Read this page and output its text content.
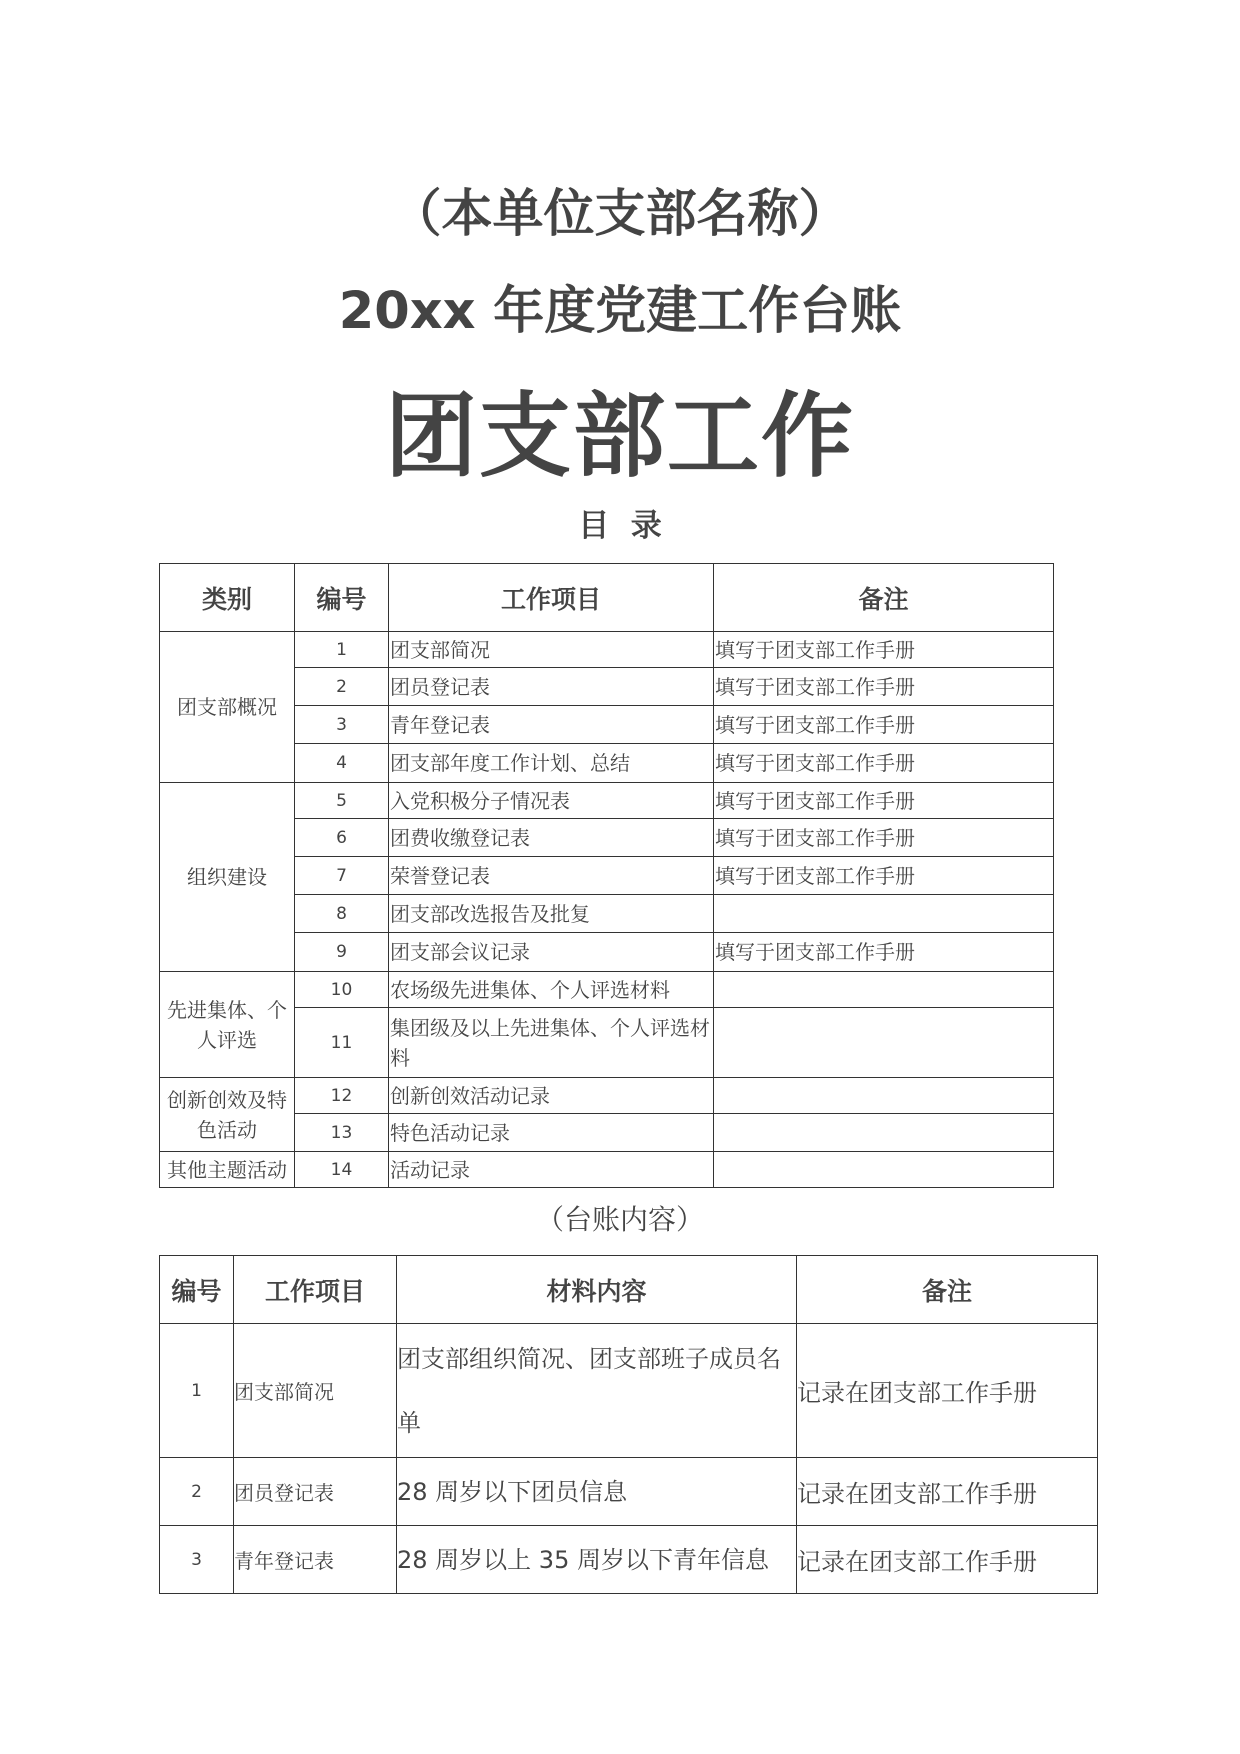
（本单位支部名称）
20xx 年度党建工作台账
团支部工作
目  录
类别	编号	工作项目	备注
团支部概况	1	团支部简况	填写于团支部工作手册
	2	团员登记表	填写于团支部工作手册
	3	青年登记表	填写于团支部工作手册
	4	团支部年度工作计划、总结	填写于团支部工作手册
组织建设	5	入党积极分子情况表	填写于团支部工作手册
	6	团费收缴登记表	填写于团支部工作手册
	7	荣誉登记表	填写于团支部工作手册
	8	团支部改选报告及批复	
	9	团支部会议记录	填写于团支部工作手册
先进集体、个人评选	10	农场级先进集体、个人评选材料	
	11	集团级及以上先进集体、个人评选材料	
创新创效及特色活动	12	创新创效活动记录	
	13	特色活动记录	
其他主题活动	14	活动记录	
（台账内容）
编号	工作项目	材料内容	备注
1	团支部简况	团支部组织简况、团支部班子成员名单	记录在团支部工作手册
2	团员登记表	28 周岁以下团员信息	记录在团支部工作手册
3	青年登记表	28 周岁以上 35 周岁以下青年信息	记录在团支部工作手册
